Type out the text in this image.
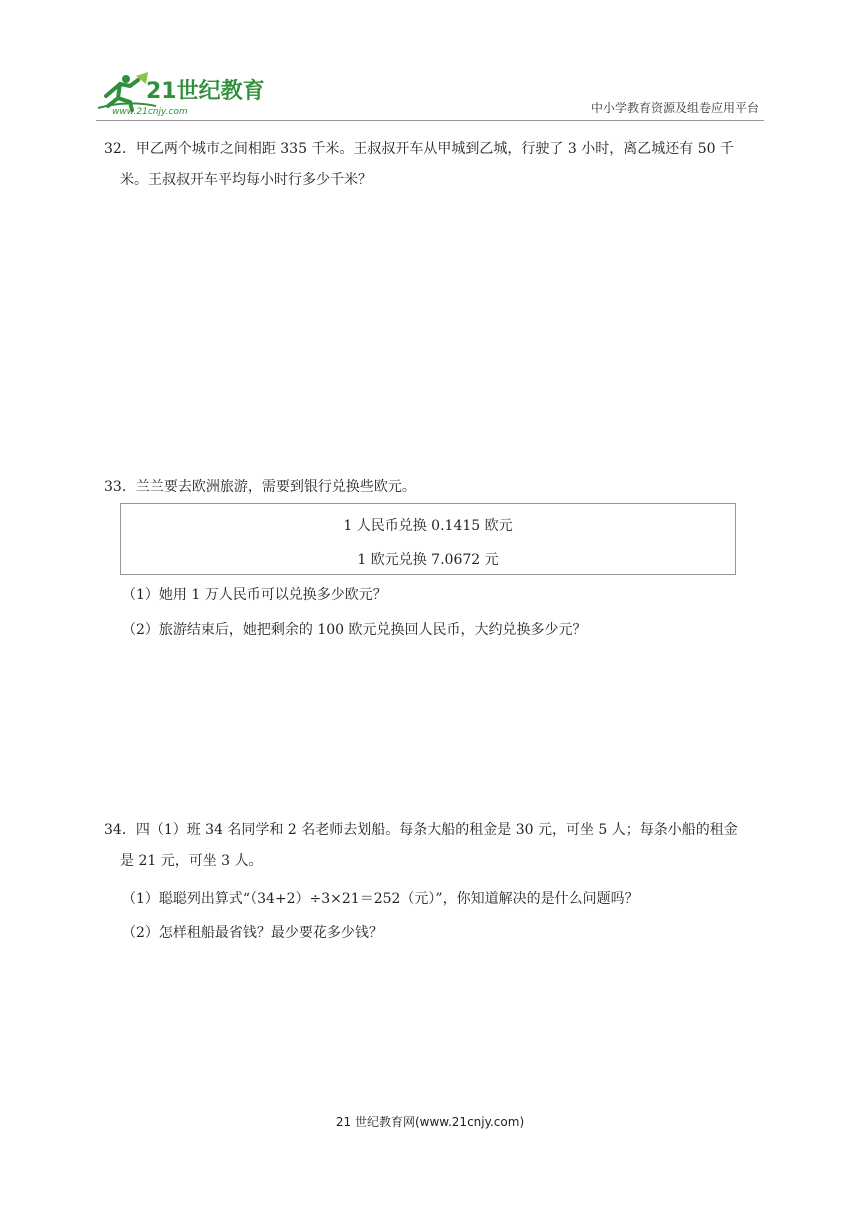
21世纪教育
www.21cnjy.com	中小学教育资源及组卷应用平台
32．甲乙两个城市之间相距 335 千米。王叔叔开车从甲城到乙城，行驶了 3 小时，离乙城还有 50 千
米。王叔叔开车平均每小时行多少千米？
33．兰兰要去欧洲旅游，需要到银行兑换些欧元。
1 人民币兑换 0.1415 欧元
1 欧元兑换 7.0672 元
（1）她用 1 万人民币可以兑换多少欧元？
（2）旅游结束后，她把剩余的 100 欧元兑换回人民币，大约兑换多少元？
34．四（1）班 34 名同学和 2 名老师去划船。每条大船的租金是 30 元，可坐 5 人；每条小船的租金
是 21 元，可坐 3 人。
（1）聪聪列出算式“（34+2）÷3×21＝252（元）”，你知道解决的是什么问题吗？
（2）怎样租船最省钱？最少要花多少钱？
21 世纪教育网(www.21cnjy.com)
